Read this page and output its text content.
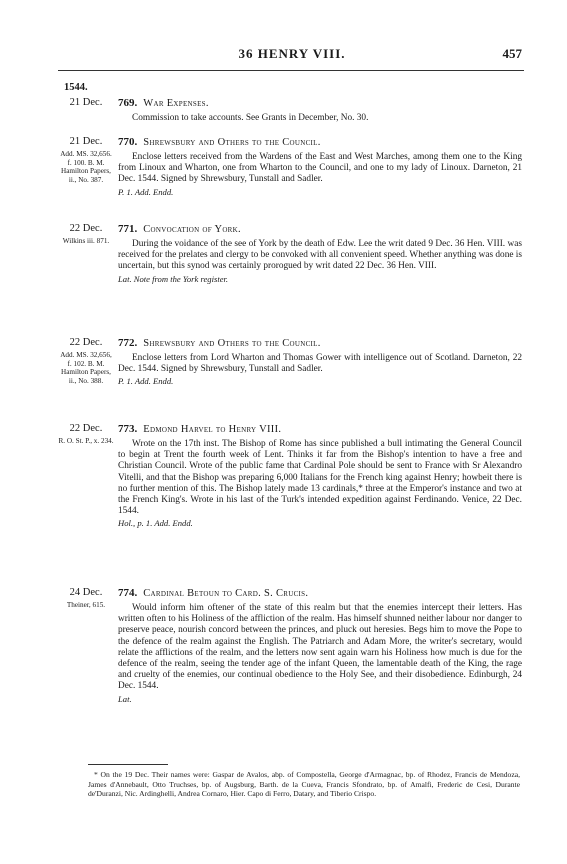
36 HENRY VIII.	457
1544.
21 Dec.	769. War Expenses.

Commission to take accounts. See Grants in December, No. 30.

21 Dec.
Add. MS. 32,656. f. 100. B. M. Hamilton Papers, ii., No. 387.

770. Shrewsbury and Others to the Council.

Enclose letters received from the Wardens of the East and West Marches, among them one to the King from Linoux and Wharton, one from Wharton to the Council, and one to my lady of Linoux. Darneton, 21 Dec. 1544. Signed by Shrewsbury, Tunstall and Sadler.

P. 1. Add. Endd.

22 Dec.
Wilkins iii. 871.

771. Convocation of York.

During the voidance of the see of York by the death of Edw. Lee the writ dated 9 Dec. 36 Hen. VIII. was received for the prelates and clergy to be convoked with all convenient speed. Whether anything was done is uncertain, but this synod was certainly prorogued by writ dated 22 Dec. 36 Hen. VIII.

Lat. Note from the York register.

22 Dec.
Add. MS. 32,656, f. 102. B. M. Hamilton Papers, ii., No. 388.

772. Shrewsbury and Others to the Council.

Enclose letters from Lord Wharton and Thomas Gower with intelligence out of Scotland. Darneton, 22 Dec. 1544. Signed by Shrewsbury, Tunstall and Sadler.

P. 1. Add. Endd.

22 Dec.
R. O. St. P., x. 234.

773. Edmond Harvel to Henry VIII.

Wrote on the 17th inst. The Bishop of Rome has since published a bull intimating the General Council to begin at Trent the fourth week of Lent. Thinks it far from the Bishop's intention to have a free and Christian Council. Wrote of the public fame that Cardinal Pole should be sent to France with Sr Alexandro Vitelli, and that the Bishop was preparing 6,000 Italians for the French king against Henry; howbeit there is no further mention of this. The Bishop lately made 13 cardinals,* three at the Emperor's instance and two at the French King's. Wrote in his last of the Turk's intended expedition against Ferdinando. Venice, 22 Dec. 1544.

Hol., p. 1. Add. Endd.

24 Dec.
Theiner, 615.

774. Cardinal Betoun to Card. S. Crucis.

Would inform him oftener of the state of this realm but that the enemies intercept their letters. Has written often to his Holiness of the affliction of the realm. Has himself shunned neither labour nor danger to preserve peace, nourish concord between the princes, and pluck out heresies. Begs him to move the Pope to the defence of the realm against the English. The Patriarch and Adam More, the writer's secretary, would relate the afflictions of the realm, and the letters now sent again warn his Holiness how much is due for the defence of the realm, seeing the tender age of the infant Queen, the lamentable death of the King, the rage and cruelty of the enemies, our continual obedience to the Holy See, and their disobedience. Edinburgh, 24 Dec. 1544.

Lat.

* On the 19 Dec. Their names were: Gaspar de Avalos, abp. of Compostella, George d'Armagnac, bp. of Rhodez, Francis de Mendoza, James d'Annebault, Otto Truchses, bp. of Augsburg, Barth. de la Cueva, Francis Sfondrato, bp. of Amalfi, Frederic de Cesi, Durante de'Duranzi, Nic. Ardinghelli, Andrea Cornaro, Hier. Capo di Ferro, Datary, and Tiberio Crispo.
